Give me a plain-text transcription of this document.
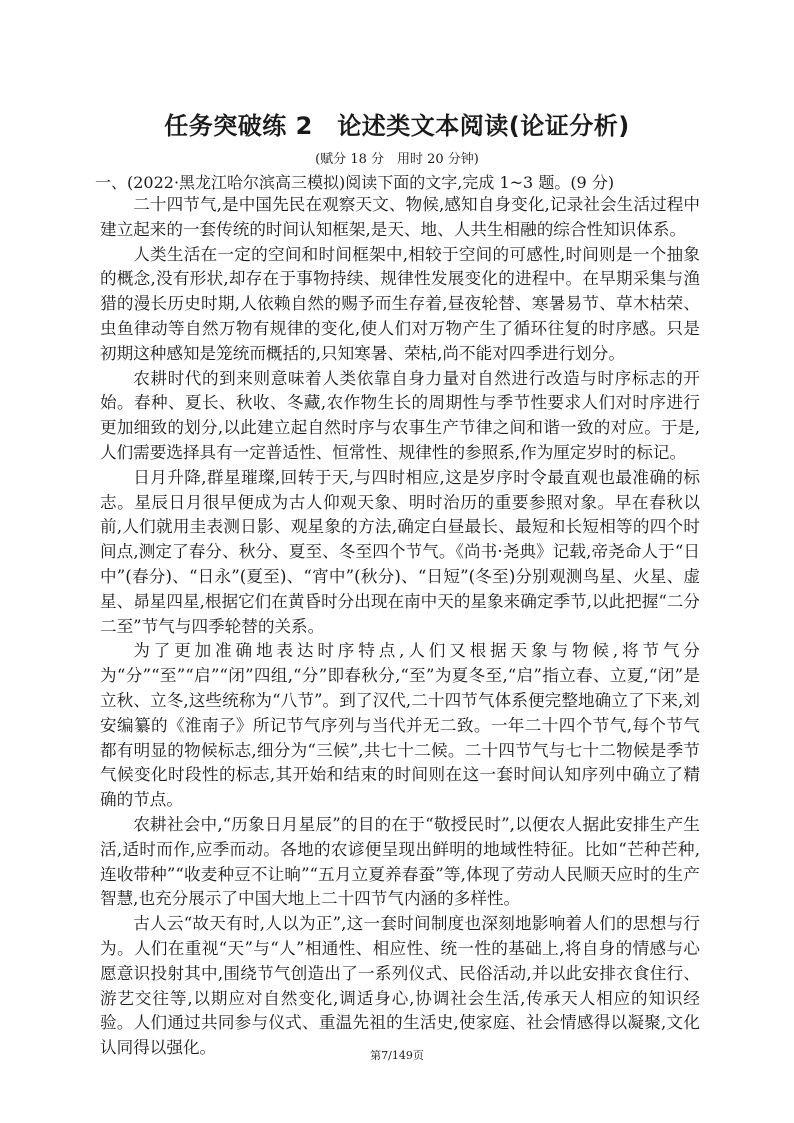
任务突破练 2　论述类文本阅读(论证分析)
(赋分 18 分　用时 20 分钟)
一、(2022·黑龙江哈尔滨高三模拟)阅读下面的文字,完成 1~3 题。(9 分)

二十四节气,是中国先民在观察天文、物候,感知自身变化,记录社会生活过程中建立起来的一套传统的时间认知框架,是天、地、人共生相融的综合性知识体系。

人类生活在一定的空间和时间框架中,相较于空间的可感性,时间则是一个抽象的概念,没有形状,却存在于事物持续、规律性发展变化的进程中。在早期采集与渔猎的漫长历史时期,人依赖自然的赐予而生存着,昼夜轮替、寒暑易节、草木枯荣、虫鱼律动等自然万物有规律的变化,使人们对万物产生了循环往复的时序感。只是初期这种感知是笼统而概括的,只知寒暑、荣枯,尚不能对四季进行划分。

农耕时代的到来则意味着人类依靠自身力量对自然进行改造与时序标志的开始。春种、夏长、秋收、冬藏,农作物生长的周期性与季节性要求人们对时序进行更加细致的划分,以此建立起自然时序与农事生产节律之间和谐一致的对应。于是,人们需要选择具有一定普适性、恒常性、规律性的参照系,作为厘定岁时的标记。

日月升降,群星璀璨,回转于天,与四时相应,这是岁序时令最直观也最准确的标志。星辰日月很早便成为古人仰观天象、明时治历的重要参照对象。早在春秋以前,人们就用圭表测日影、观星象的方法,确定白昼最长、最短和长短相等的四个时间点,测定了春分、秋分、夏至、冬至四个节气。《尚书·尧典》记载,帝尧命人于“日中”(春分)、“日永”(夏至)、“宵中”(秋分)、“日短”(冬至)分别观测鸟星、火星、虚星、昴星四星,根据它们在黄昏时分出现在南中天的星象来确定季节,以此把握“二分二至”节气与四季轮替的关系。

为了更加准确地表达时序特点,人们又根据天象与物候,将节气分为“分”“至”“启”“闭”四组,“分”即春秋分,“至”为夏冬至,“启”指立春、立夏,“闭”是立秋、立冬,这些统称为“八节”。到了汉代,二十四节气体系便完整地确立了下来,刘安编纂的《淮南子》所记节气序列与当代并无二致。一年二十四个节气,每个节气都有明显的物候标志,细分为“三候”,共七十二候。二十四节气与七十二物候是季节气候变化时段性的标志,其开始和结束的时间则在这一套时间认知序列中确立了精确的节点。

农耕社会中,“历象日月星辰”的目的在于“敬授民时”,以便农人据此安排生产生活,适时而作,应季而动。各地的农谚便呈现出鲜明的地域性特征。比如“芒种芒种,连收带种”“收麦种豆不让晌”“五月立夏养春蚕”等,体现了劳动人民顺天应时的生产智慧,也充分展示了中国大地上二十四节气内涵的多样性。

古人云“故天有时,人以为正”,这一套时间制度也深刻地影响着人们的思想与行为。人们在重视“天”与“人”相通性、相应性、统一性的基础上,将自身的情感与心愿意识投射其中,围绕节气创造出了一系列仪式、民俗活动,并以此安排衣食住行、游艺交往等,以期应对自然变化,调适身心,协调社会生活,传承天人相应的知识经验。人们通过共同参与仪式、重温先祖的生活史,使家庭、社会情感得以凝聚,文化认同得以强化。	第7/149页
